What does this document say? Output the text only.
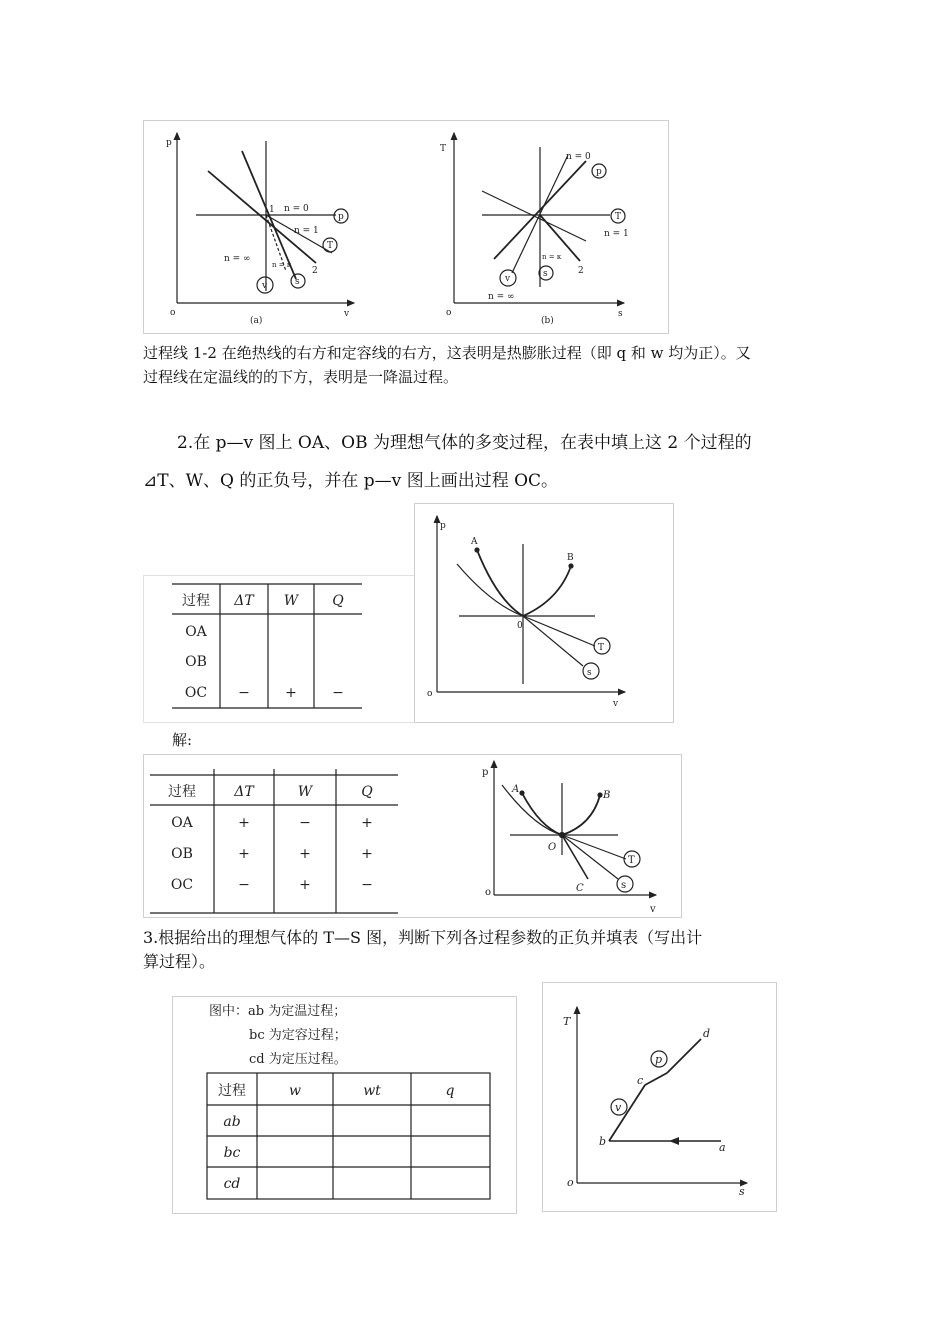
p
v
o
1
2
n = 0
n = 1
n = ∞
n = κ
p
T
v	s
(a)
T
s
o
2
n = 0
n = 1
n = ∞
n = κ
p
T
v	s
(b)
过程线 1-2 在绝热线的右方和定容线的右方，这表明是热膨胀过程（即 q 和 w 均为正）。又
过程线在定温线的的下方，表明是一降温过程。
2.在 p—v 图上 OA、OB 为理想气体的多变过程，在表中填上这 2 个过程的
⊿T、W、Q 的正负号，并在 p—v 图上画出过程 OC。
过程 ΔT W Q
OA
OB
OC −	+	−
p
v
o
0
A
B
T
s
解:
过程	ΔT	W	Q
OA	+	−	+
OB	+	+	+
OC	−	+	−
p
v
o
O
A
B
C
T
s
3.根据给出的理想气体的 T—S 图，判断下列各过程参数的正负并填表（写出计
算过程）。
图中：ab 为定温过程；
bc 为定容过程；
cd 为定压过程。
过程	w	wt	q
ab
bc
cd
T
s
o
a
b
c
d
p
v
